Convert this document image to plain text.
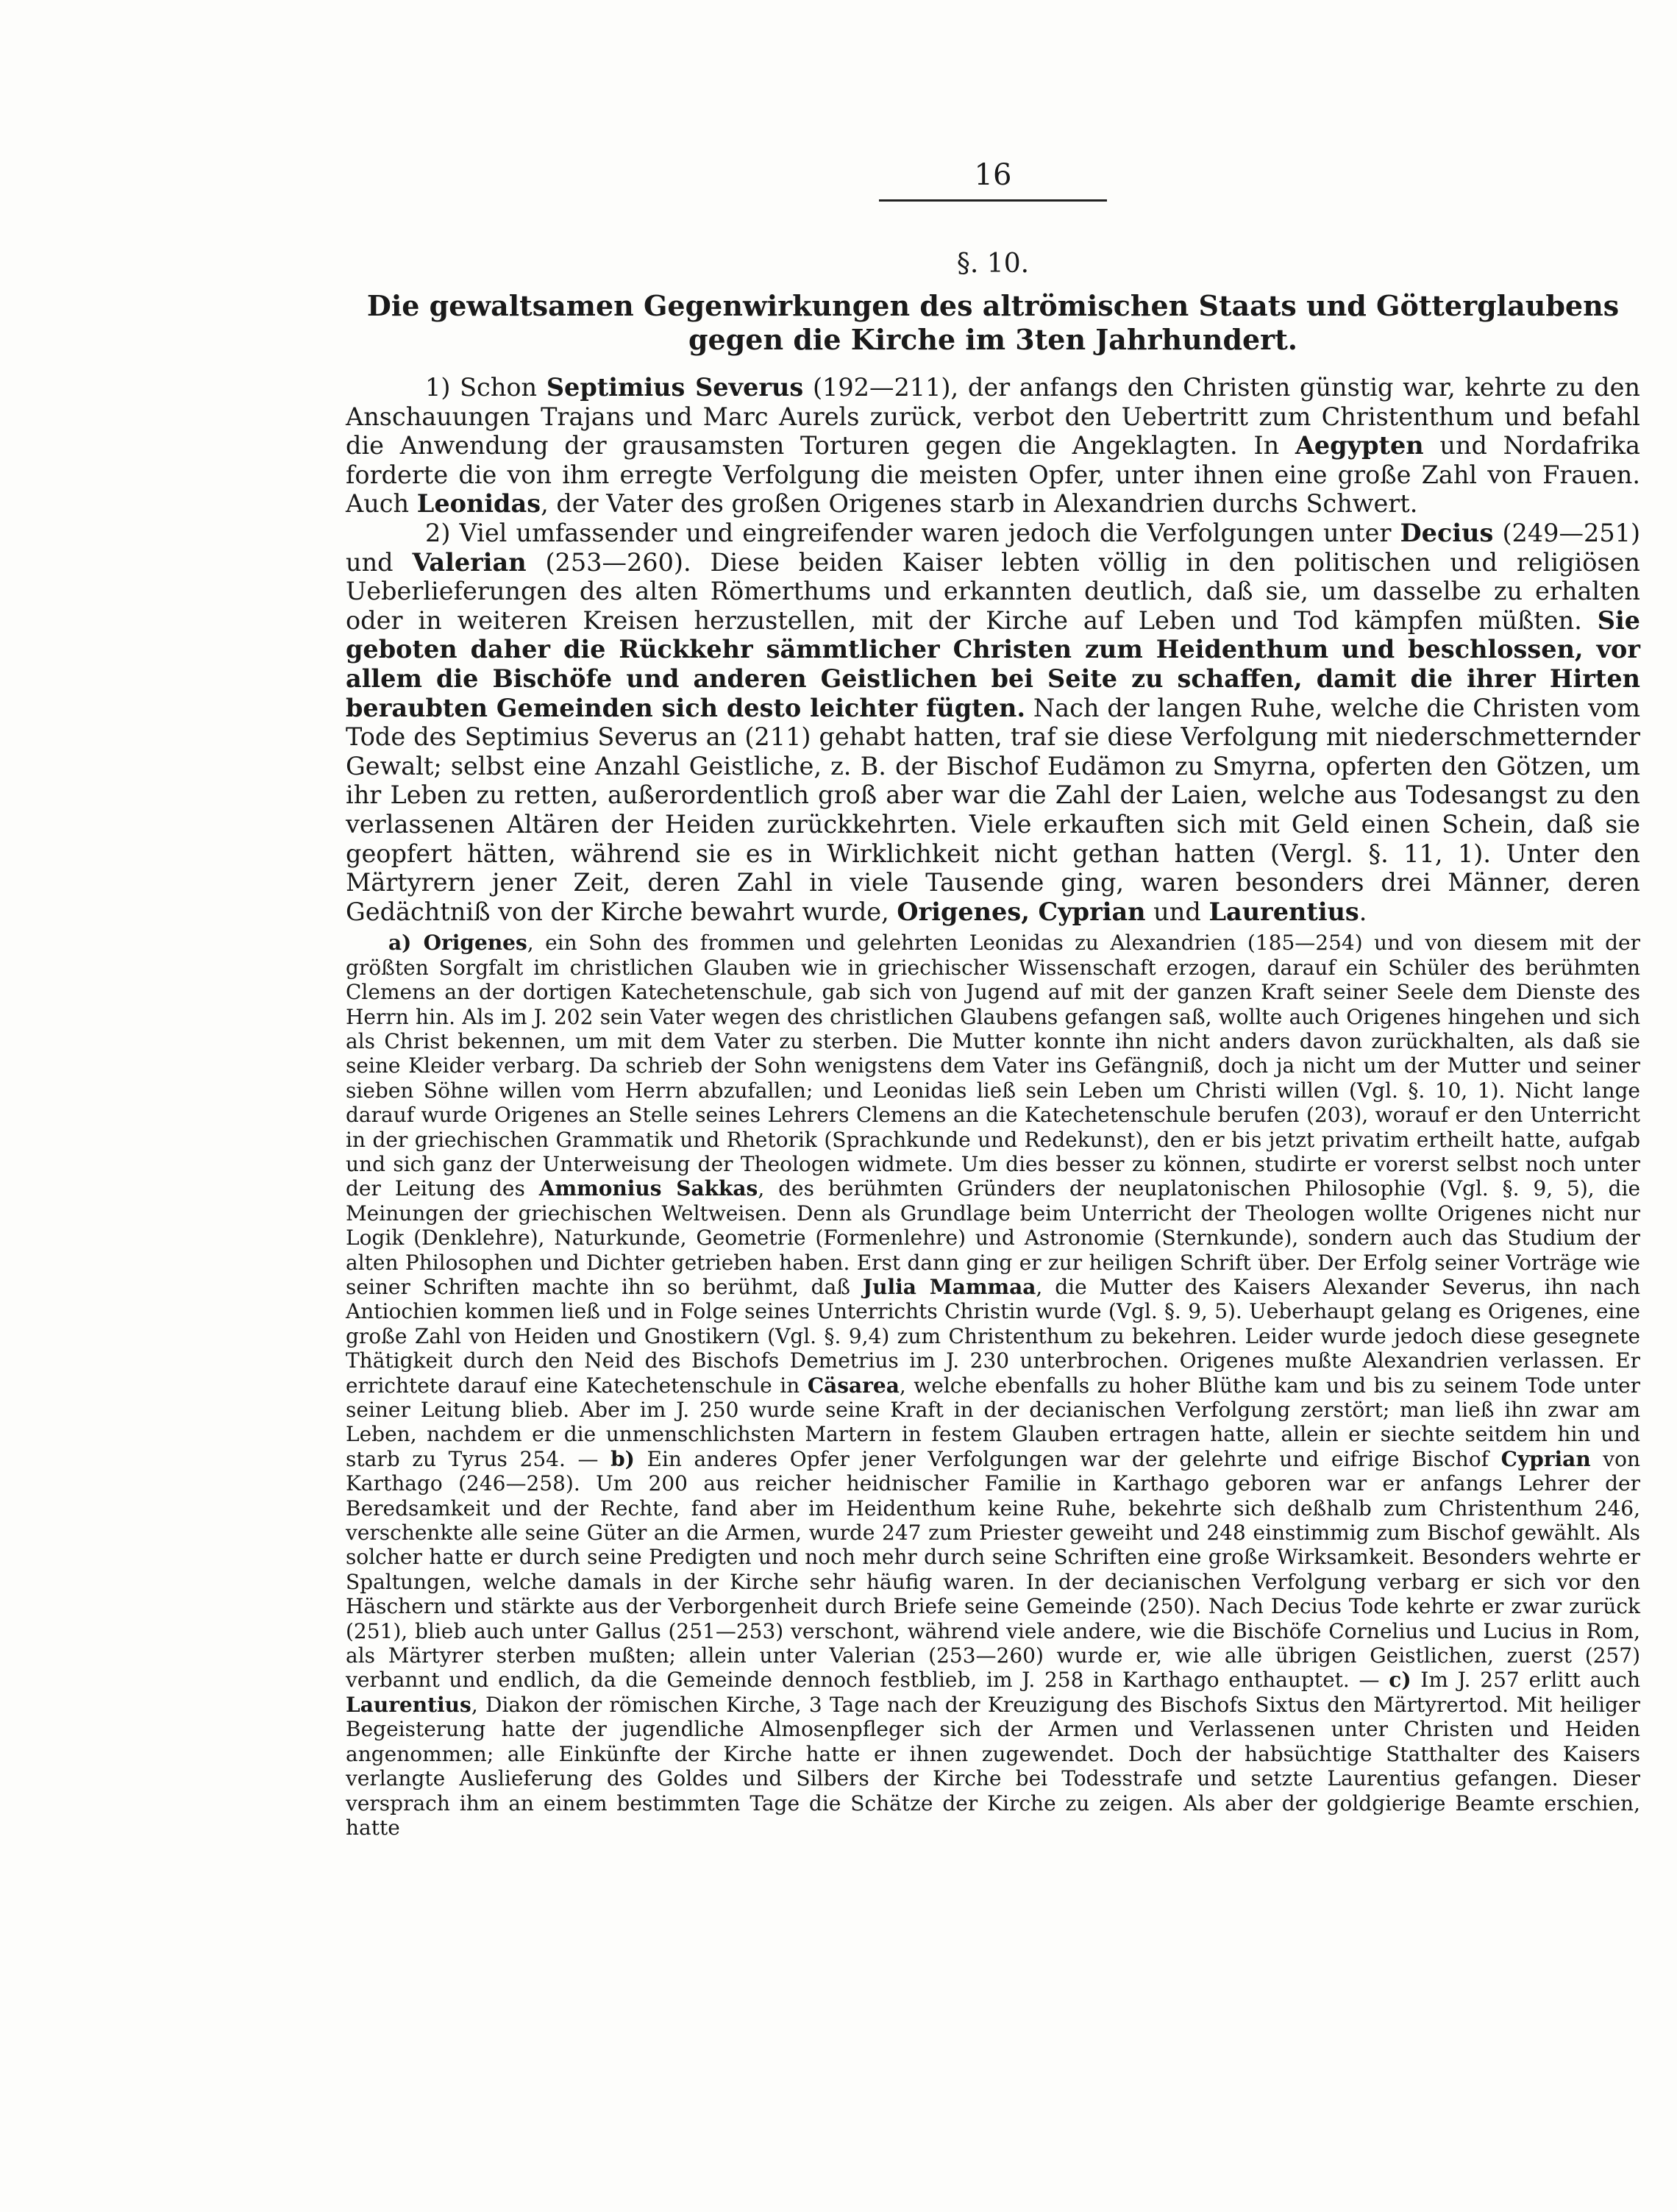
16
§. 10.
Die gewaltsamen Gegenwirkungen des altrömischen Staats und Götterglaubens
gegen die Kirche im 3ten Jahrhundert.

1) Schon Septimius Severus (192—211), der anfangs den Christen günstig war, kehrte zu den Anschauungen Trajans und Marc Aurels zurück, verbot den Uebertritt zum Christenthum und befahl die Anwendung der grausamsten Torturen gegen die Angeklagten. In Aegypten und Nordafrika forderte die von ihm erregte Verfolgung die meisten Opfer, unter ihnen eine große Zahl von Frauen. Auch Leonidas, der Vater des großen Origenes starb in Alexandrien durchs Schwert.

2) Viel umfassender und eingreifender waren jedoch die Verfolgungen unter Decius (249—251) und Valerian (253—260). Diese beiden Kaiser lebten völlig in den politischen und religiösen Ueberlieferungen des alten Römerthums und erkannten deutlich, daß sie, um dasselbe zu erhalten oder in weiteren Kreisen herzustellen, mit der Kirche auf Leben und Tod kämpfen müßten. Sie geboten daher die Rückkehr sämmtlicher Christen zum Heidenthum und beschlossen, vor allem die Bischöfe und anderen Geistlichen bei Seite zu schaffen, damit die ihrer Hirten beraubten Gemeinden sich desto leichter fügten. Nach der langen Ruhe, welche die Christen vom Tode des Septimius Severus an (211) gehabt hatten, traf sie diese Verfolgung mit niederschmetternder Gewalt; selbst eine Anzahl Geistliche, z. B. der Bischof Eudämon zu Smyrna, opferten den Götzen, um ihr Leben zu retten, außerordentlich groß aber war die Zahl der Laien, welche aus Todesangst zu den verlassenen Altären der Heiden zurückkehrten. Viele erkauften sich mit Geld einen Schein, daß sie geopfert hätten, während sie es in Wirklichkeit nicht gethan hatten (Vergl. §. 11, 1). Unter den Märtyrern jener Zeit, deren Zahl in viele Tausende ging, waren besonders drei Männer, deren Gedächtniß von der Kirche bewahrt wurde, Origenes, Cyprian und Laurentius.

a) Origenes, ein Sohn des frommen und gelehrten Leonidas zu Alexandrien (185—254) und von diesem mit der größten Sorgfalt im christlichen Glauben wie in griechischer Wissenschaft erzogen, darauf ein Schüler des berühmten Clemens an der dortigen Katechetenschule, gab sich von Jugend auf mit der ganzen Kraft seiner Seele dem Dienste des Herrn hin. Als im J. 202 sein Vater wegen des christlichen Glaubens gefangen saß, wollte auch Origenes hingehen und sich als Christ bekennen, um mit dem Vater zu sterben. Die Mutter konnte ihn nicht anders davon zurückhalten, als daß sie seine Kleider verbarg. Da schrieb der Sohn wenigstens dem Vater ins Gefängniß, doch ja nicht um der Mutter und seiner sieben Söhne willen vom Herrn abzufallen; und Leonidas ließ sein Leben um Christi willen (Vgl. §. 10, 1). Nicht lange darauf wurde Origenes an Stelle seines Lehrers Clemens an die Katechetenschule berufen (203), worauf er den Unterricht in der griechischen Grammatik und Rhetorik (Sprachkunde und Redekunst), den er bis jetzt privatim ertheilt hatte, aufgab und sich ganz der Unterweisung der Theologen widmete. Um dies besser zu können, studirte er vorerst selbst noch unter der Leitung des Ammonius Sakkas, des berühmten Gründers der neuplatonischen Philosophie (Vgl. §. 9, 5), die Meinungen der griechischen Weltweisen. Denn als Grundlage beim Unterricht der Theologen wollte Origenes nicht nur Logik (Denklehre), Naturkunde, Geometrie (Formenlehre) und Astronomie (Sternkunde), sondern auch das Studium der alten Philosophen und Dichter getrieben haben. Erst dann ging er zur heiligen Schrift über. Der Erfolg seiner Vorträge wie seiner Schriften machte ihn so berühmt, daß Julia Mammaa, die Mutter des Kaisers Alexander Severus, ihn nach Antiochien kommen ließ und in Folge seines Unterrichts Christin wurde (Vgl. §. 9, 5). Ueberhaupt gelang es Origenes, eine große Zahl von Heiden und Gnostikern (Vgl. §. 9,4) zum Christenthum zu bekehren. Leider wurde jedoch diese gesegnete Thätigkeit durch den Neid des Bischofs Demetrius im J. 230 unterbrochen. Origenes mußte Alexandrien verlassen. Er errichtete darauf eine Katechetenschule in Cäsarea, welche ebenfalls zu hoher Blüthe kam und bis zu seinem Tode unter seiner Leitung blieb. Aber im J. 250 wurde seine Kraft in der decianischen Verfolgung zerstört; man ließ ihn zwar am Leben, nachdem er die unmenschlichsten Martern in festem Glauben ertragen hatte, allein er siechte seitdem hin und starb zu Tyrus 254. — b) Ein anderes Opfer jener Verfolgungen war der gelehrte und eifrige Bischof Cyprian von Karthago (246—258). Um 200 aus reicher heidnischer Familie in Karthago geboren war er anfangs Lehrer der Beredsamkeit und der Rechte, fand aber im Heidenthum keine Ruhe, bekehrte sich deßhalb zum Christenthum 246, verschenkte alle seine Güter an die Armen, wurde 247 zum Priester geweiht und 248 einstimmig zum Bischof gewählt. Als solcher hatte er durch seine Predigten und noch mehr durch seine Schriften eine große Wirksamkeit. Besonders wehrte er Spaltungen, welche damals in der Kirche sehr häufig waren. In der decianischen Verfolgung verbarg er sich vor den Häschern und stärkte aus der Verborgenheit durch Briefe seine Gemeinde (250). Nach Decius Tode kehrte er zwar zurück (251), blieb auch unter Gallus (251—253) verschont, während viele andere, wie die Bischöfe Cornelius und Lucius in Rom, als Märtyrer sterben mußten; allein unter Valerian (253—260) wurde er, wie alle übrigen Geistlichen, zuerst (257) verbannt und endlich, da die Gemeinde dennoch festblieb, im J. 258 in Karthago enthauptet. — c) Im J. 257 erlitt auch Laurentius, Diakon der römischen Kirche, 3 Tage nach der Kreuzigung des Bischofs Sixtus den Märtyrertod. Mit heiliger Begeisterung hatte der jugendliche Almosenpfleger sich der Armen und Verlassenen unter Christen und Heiden angenommen; alle Einkünfte der Kirche hatte er ihnen zugewendet. Doch der habsüchtige Statthalter des Kaisers verlangte Auslieferung des Goldes und Silbers der Kirche bei Todesstrafe und setzte Laurentius gefangen. Dieser versprach ihm an einem bestimmten Tage die Schätze der Kirche zu zeigen. Als aber der goldgierige Beamte erschien, hatte
